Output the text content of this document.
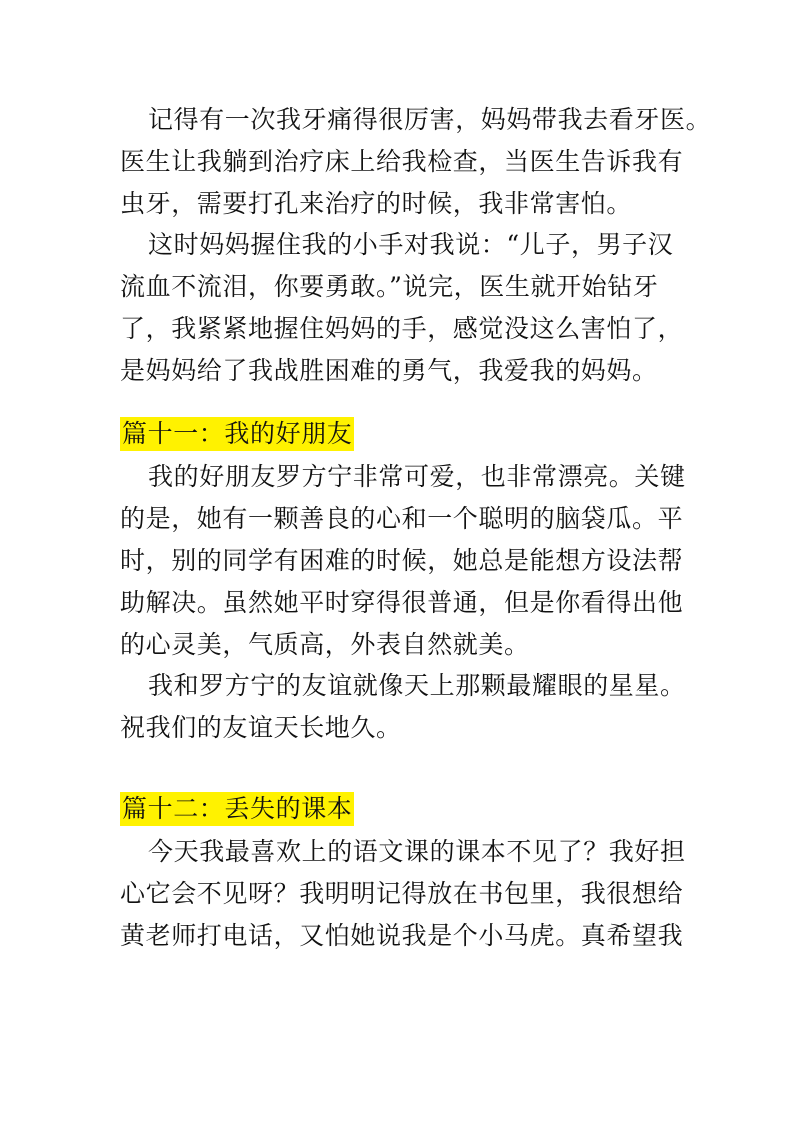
记得有一次我牙痛得很厉害，妈妈带我去看牙医。
医生让我躺到治疗床上给我检查，当医生告诉我有
虫牙，需要打孔来治疗的时候，我非常害怕。
这时妈妈握住我的小手对我说：“儿子，男子汉
流血不流泪，你要勇敢。”说完，医生就开始钻牙
了，我紧紧地握住妈妈的手，感觉没这么害怕了，
是妈妈给了我战胜困难的勇气，我爱我的妈妈。
篇十一：我的好朋友
我的好朋友罗方宁非常可爱，也非常漂亮。关键
的是，她有一颗善良的心和一个聪明的脑袋瓜。平
时，别的同学有困难的时候，她总是能想方设法帮
助解决。虽然她平时穿得很普通，但是你看得出他
的心灵美，气质高，外表自然就美。
我和罗方宁的友谊就像天上那颗最耀眼的星星。
祝我们的友谊天长地久。
篇十二：丢失的课本
今天我最喜欢上的语文课的课本不见了？我好担
心它会不见呀？我明明记得放在书包里，我很想给
黄老师打电话，又怕她说我是个小马虎。真希望我
